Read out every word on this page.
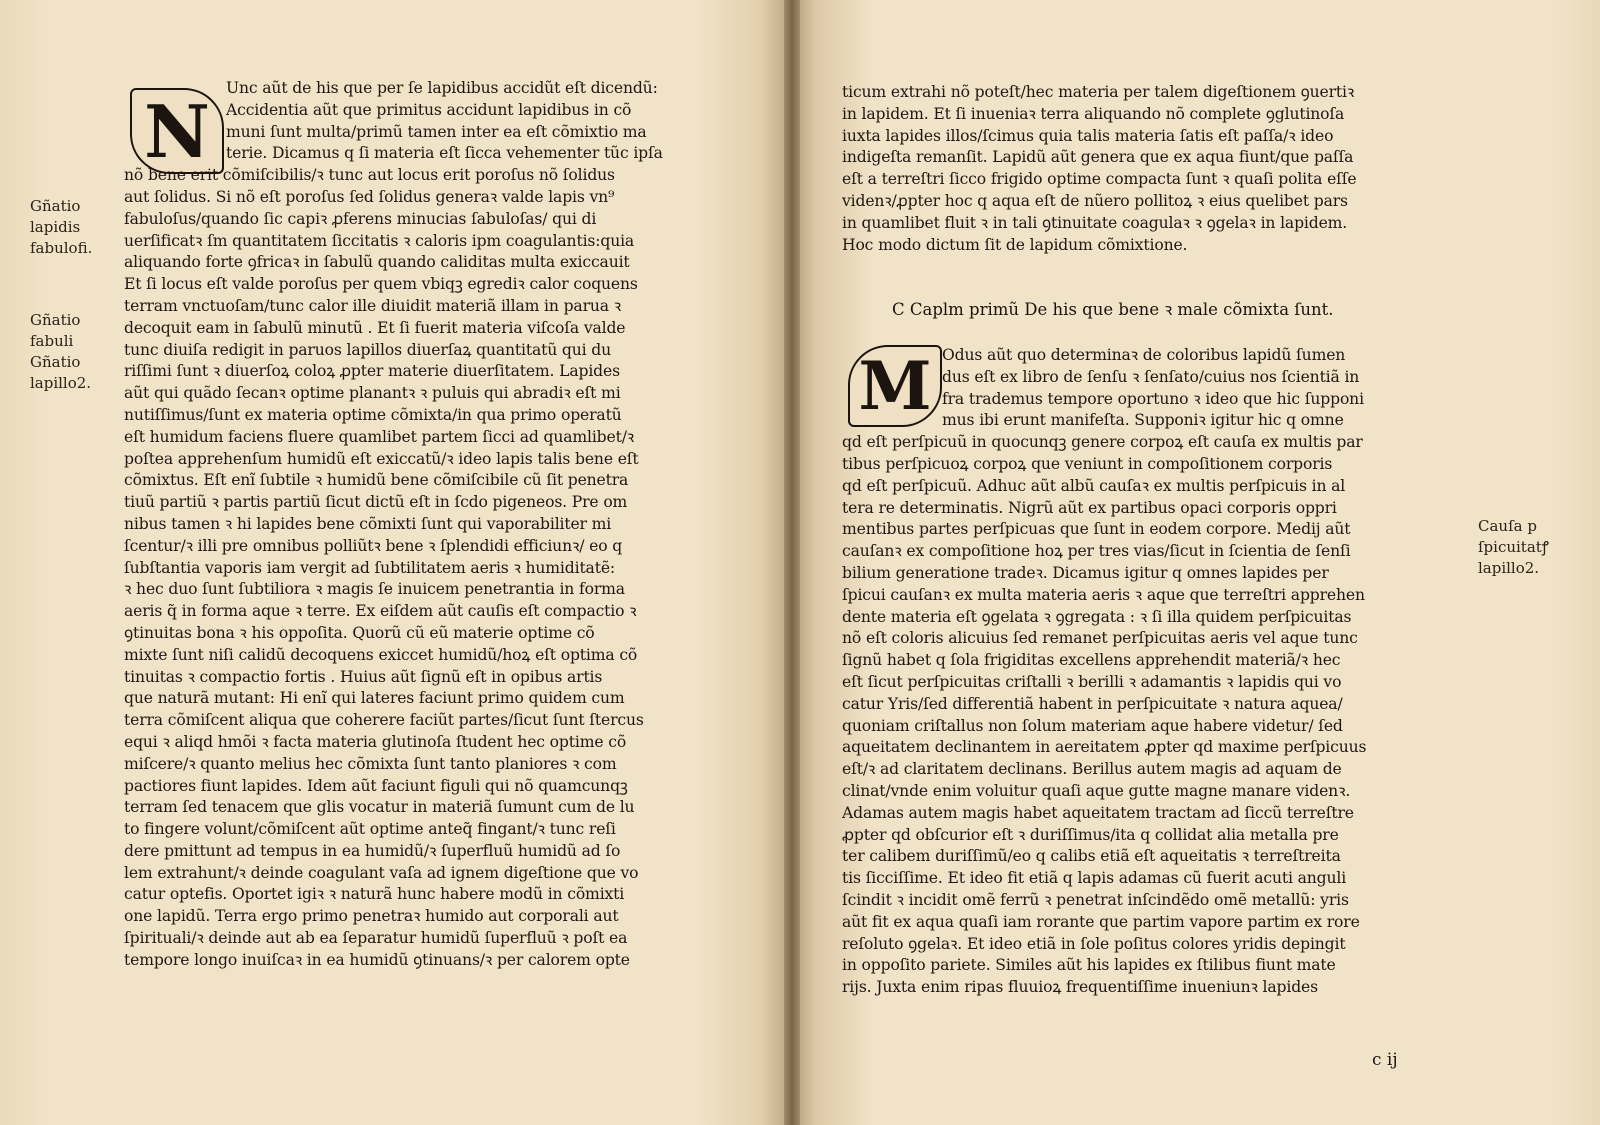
N
Unc aũt de his que per ſe lapidibus accidũt eſt dicendũ:
Accidentia aũt que primitus accidunt lapidibus in cõ
muni ſunt multa/primũ tamen inter ea eſt cõmixtio ma
terie. Dicamus q ſi materia eſt ſicca vehementer tũc ipſa
nõ bene erit cõmiſcibilis/ꝛ tunc aut locus erit poroſus nõ ſolidus
aut ſolidus. Si nõ eſt poroſus ſed ſolidus generaꝛ valde lapis vn⁹
fabuloſus/quando ſic capiꝛ ꝓferens minucias ſabuloſas/ qui di
uerſificatꝛ ſm quantitatem ſiccitatis ꝛ caloris ipm coagulantis:quia
aliquando forte ꝯfricaꝛ in ſabulũ quando caliditas multa exiccauit
Et ſi locus eſt valde poroſus per quem vbiqꝫ egrediꝛ calor coquens
terram vnctuoſam/tunc calor ille diuidit materiã illam in parua ꝛ
decoquit eam in ſabulũ minutũ . Et ſi fuerit materia viſcoſa valde
tunc diuiſa redigit in paruos lapillos diuerſaꝝ quantitatũ qui du
riſſimi ſunt ꝛ diuerſoꝝ coloꝝ ꝓpter materie diuerſitatem. Lapides
aũt qui quãdo ſecanꝛ optime planantꝛ ꝛ puluis qui abradiꝛ eſt mi
nutiſſimus/ſunt ex materia optime cõmixta/in qua primo operatũ
eſt humidum faciens fluere quamlibet partem ſicci ad quamlibet/ꝛ
poſtea apprehenſum humidũ eſt exiccatũ/ꝛ ideo lapis talis bene eſt
cõmixtus. Eſt enĩ ſubtile ꝛ humidũ bene cõmiſcibile cũ ſit penetra
tiuũ partiũ ꝛ partis partiũ ſicut dictũ eſt in ſcdo pigeneos. Pre om
nibus tamen ꝛ hi lapides bene cõmixti ſunt qui vaporabiliter mi
ſcentur/ꝛ illi pre omnibus polliũtꝛ bene ꝛ ſplendidi efficiunꝛ/ eo q
ſubſtantia vaporis iam vergit ad ſubtilitatem aeris ꝛ humiditatẽ:
ꝛ hec duo ſunt ſubtiliora ꝛ magis ſe inuicem penetrantia in forma
aeris q̃ in forma aque ꝛ terre. Ex eiſdem aũt cauſis eſt compactio ꝛ
ꝯtinuitas bona ꝛ his oppoſita. Quorũ cũ eũ materie optime cõ
mixte ſunt niſi calidũ decoquens exiccet humidũ/hoꝝ eſt optima cõ
tinuitas ꝛ compactio fortis . Huius aũt ſignũ eſt in opibus artis
que naturã mutant: Hi enĩ qui lateres faciunt primo quidem cum
terra cõmiſcent aliqua que coherere faciũt partes/ſicut ſunt ſtercus
equi ꝛ aliqd hmõi ꝛ facta materia glutinoſa ſtudent hec optime cõ
miſcere/ꝛ quanto melius hec cõmixta ſunt tanto planiores ꝛ com
pactiores fiunt lapides. Idem aũt faciunt figuli qui nõ quamcunqꝫ
terram ſed tenacem que glis vocatur in materiã ſumunt cum de lu
to fingere volunt/cõmiſcent aũt optime anteq̃ fingant/ꝛ tunc reſi
dere pmittunt ad tempus in ea humidũ/ꝛ ſuperfluũ humidũ ad ſo
lem extrahunt/ꝛ deinde coagulant vaſa ad ignem digeſtione que vo
catur optefis. Oportet igiꝛ ꝛ naturã hunc habere modũ in cõmixti
one lapidũ. Terra ergo primo penetraꝛ humido aut corporali aut
ſpirituali/ꝛ deinde aut ab ea ſeparatur humidũ ſuperfluũ ꝛ poſt ea
tempore longo inuiſcaꝛ in ea humidũ ꝯtinuans/ꝛ per calorem opte
Gñatio
lapidis
fabulofi.
Gñatio
fabuli
Gñatio
lapillo2.
ticum extrahi nõ poteſt/hec materia per talem digeſtionem ꝯuertiꝛ
in lapidem. Et ſi inueniaꝛ terra aliquando nõ complete ꝯglutinoſa
iuxta lapides illos/ſcimus quia talis materia ſatis eſt paſſa/ꝛ ideo
indigeſta remanſit. Lapidũ aũt genera que ex aqua fiunt/que paſſa
eſt a terreſtri ſicco frigido optime compacta ſunt ꝛ quaſi polita eſſe
videnꝛ/ꝓpter hoc q aqua eſt de nũero pollitoꝝ ꝛ eius quelibet pars
in quamlibet fluit ꝛ in tali ꝯtinuitate coagulaꝛ ꝛ ꝯgelaꝛ in lapidem.
Hoc modo dictum ſit de lapidum cõmixtione.
C Caplm primũ De his que bene ꝛ male cõmixta ſunt.
M Odus aũt quo determinaꝛ de coloribus lapidũ ſumen
dus eſt ex libro de ſenſu ꝛ ſenſato/cuius nos ſcientiã in
fra trademus tempore oportuno ꝛ ideo que hic ſupponi
mus ibi erunt manifeſta. Supponiꝛ igitur hic q omne
qd eſt perſpicuũ in quocunqꝫ genere corpoꝝ eſt cauſa ex multis par
tibus perſpicuoꝝ corpoꝝ que veniunt in compoſitionem corporis
qd eſt perſpicuũ. Adhuc aũt albũ cauſaꝛ ex multis perſpicuis in al
tera re determinatis. Nigrũ aũt ex partibus opaci corporis oppri
mentibus partes perſpicuas que ſunt in eodem corpore. Medij aũt
cauſanꝛ ex compoſitione hoꝝ per tres vias/ſicut in ſcientia de ſenſi
bilium generatione tradeꝛ. Dicamus igitur q omnes lapides per
ſpicui cauſanꝛ ex multa materia aeris ꝛ aque que terreſtri apprehen
dente materia eſt ꝯgelata ꝛ ꝯgregata : ꝛ ſi illa quidem perſpicuitas
nõ eſt coloris alicuius ſed remanet perſpicuitas aeris vel aque tunc
ſignũ habet q ſola frigiditas excellens apprehendit materiã/ꝛ hec
eſt ſicut perſpicuitas criſtalli ꝛ berilli ꝛ adamantis ꝛ lapidis qui vo
catur Yris/ſed differentiã habent in perſpicuitate ꝛ natura aquea/
quoniam criſtallus non ſolum materiam aque habere videtur/ ſed
aqueitatem declinantem in aereitatem ꝓpter qd maxime perſpicuus
eſt/ꝛ ad claritatem declinans. Berillus autem magis ad aquam de
clinat/vnde enim voluitur quaſi aque gutte magne manare videnꝛ.
Adamas autem magis habet aqueitatem tractam ad ſiccũ terreſtre
ꝓpter qd obſcurior eſt ꝛ duriſſimus/ita q collidat alia metalla pre
ter calibem duriſſimũ/eo q calibs etiã eſt aqueitatis ꝛ terreſtreita
tis ſicciſſime. Et ideo fit etiã q lapis adamas cũ fuerit acuti anguli
ſcindit ꝛ incidit omẽ ferrũ ꝛ penetrat inſcindẽdo omẽ metallũ: yris
aũt fit ex aqua quaſi iam rorante que partim vapore partim ex rore
reſoluto ꝯgelaꝛ. Et ideo etiã in ſole poſitus colores yridis depingit
in oppoſito pariete. Similes aũt his lapides ex ſtilibus fiunt mate
rijs. Juxta enim ripas fluuioꝝ frequentiſſime inueniunꝛ lapides
Cauſa p
ſpicuitatꝭ
lapillo2.
c ij
